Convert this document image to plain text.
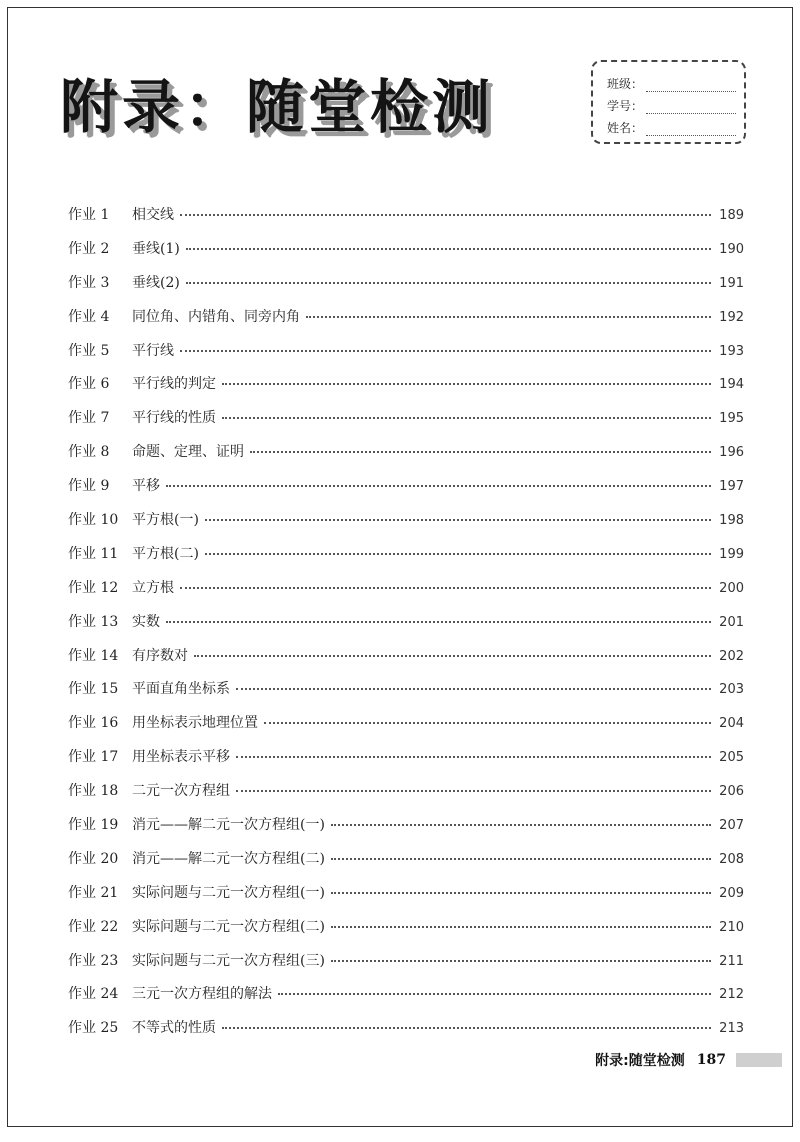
附录：随堂检测	班级：
学号：
姓名：
作业 1	相交线	189
作业 2	垂线(1)	190
作业 3	垂线(2)	191
作业 4	同位角、内错角、同旁内角	192
作业 5	平行线	193
作业 6	平行线的判定	194
作业 7	平行线的性质	195
作业 8	命题、定理、证明	196
作业 9	平移	197
作业 10 平方根(一)	198
作业 11 平方根(二)	199
作业 12 立方根	200
作业 13 实数	201
作业 14 有序数对	202
作业 15 平面直角坐标系	203
作业 16 用坐标表示地理位置	204
作业 17 用坐标表示平移	205
作业 18 二元一次方程组	206
作业 19 消元——解二元一次方程组(一)	207
作业 20 消元——解二元一次方程组(二)	208
作业 21 实际问题与二元一次方程组(一)	209
作业 22 实际问题与二元一次方程组(二)	210
作业 23 实际问题与二元一次方程组(三)	211
作业 24 三元一次方程组的解法	212
作业 25 不等式的性质	213
附录:随堂检测 187
